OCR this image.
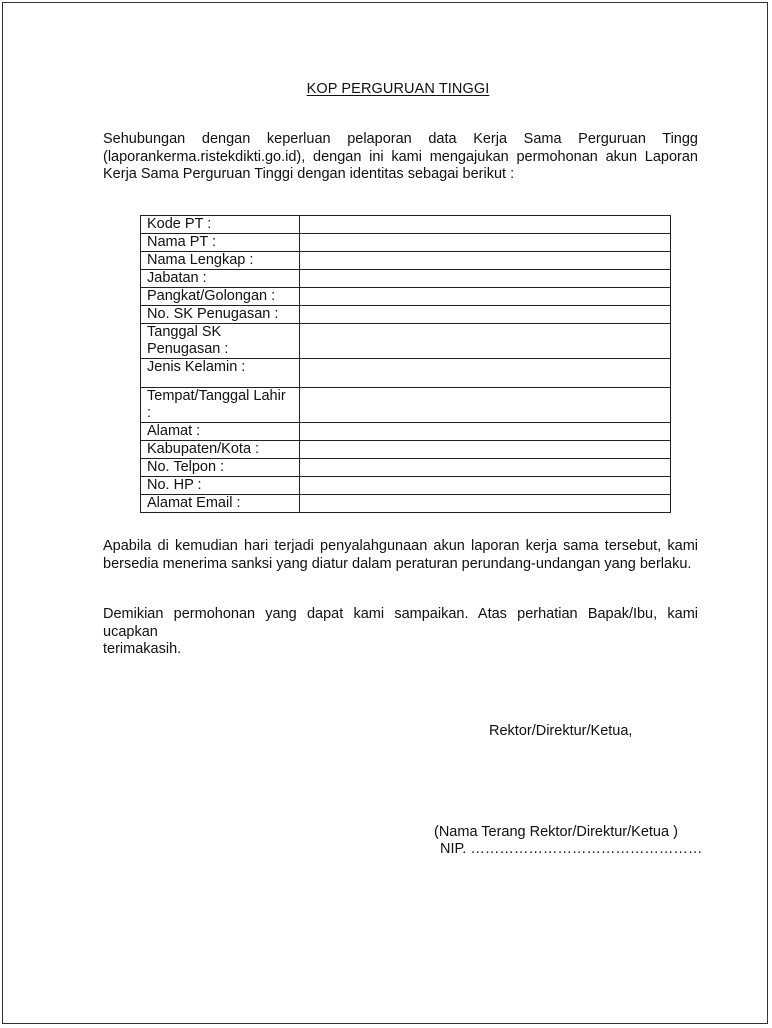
KOP PERGURUAN TINGGI
Sehubungan dengan keperluan pelaporan data Kerja Sama Perguruan Tingg (laporankerma.ristekdikti.go.id), dengan ini kami mengajukan permohonan akun Laporan Kerja Sama Perguruan Tinggi dengan identitas sebagai berikut :
Kode PT :	
Nama PT :	
Nama Lengkap :	
Jabatan :	
Pangkat/Golongan :	
No. SK Penugasan :	
Tanggal SK Penugasan :	
Jenis Kelamin :	
Tempat/Tanggal Lahir :	
Alamat :	
Kabupaten/Kota :	
No. Telpon :	
No. HP :	
Alamat Email :	
Apabila di kemudian hari terjadi penyalahgunaan akun laporan kerja sama tersebut, kami bersedia menerima sanksi yang diatur dalam peraturan perundang-undangan yang berlaku.
Demikian permohonan yang dapat kami sampaikan. Atas perhatian Bapak/Ibu, kami ucapkan
terimakasih.
Rektor/Direktur/Ketua,
(Nama Terang Rektor/Direktur/Ketua )
NIP. …………………………………………
